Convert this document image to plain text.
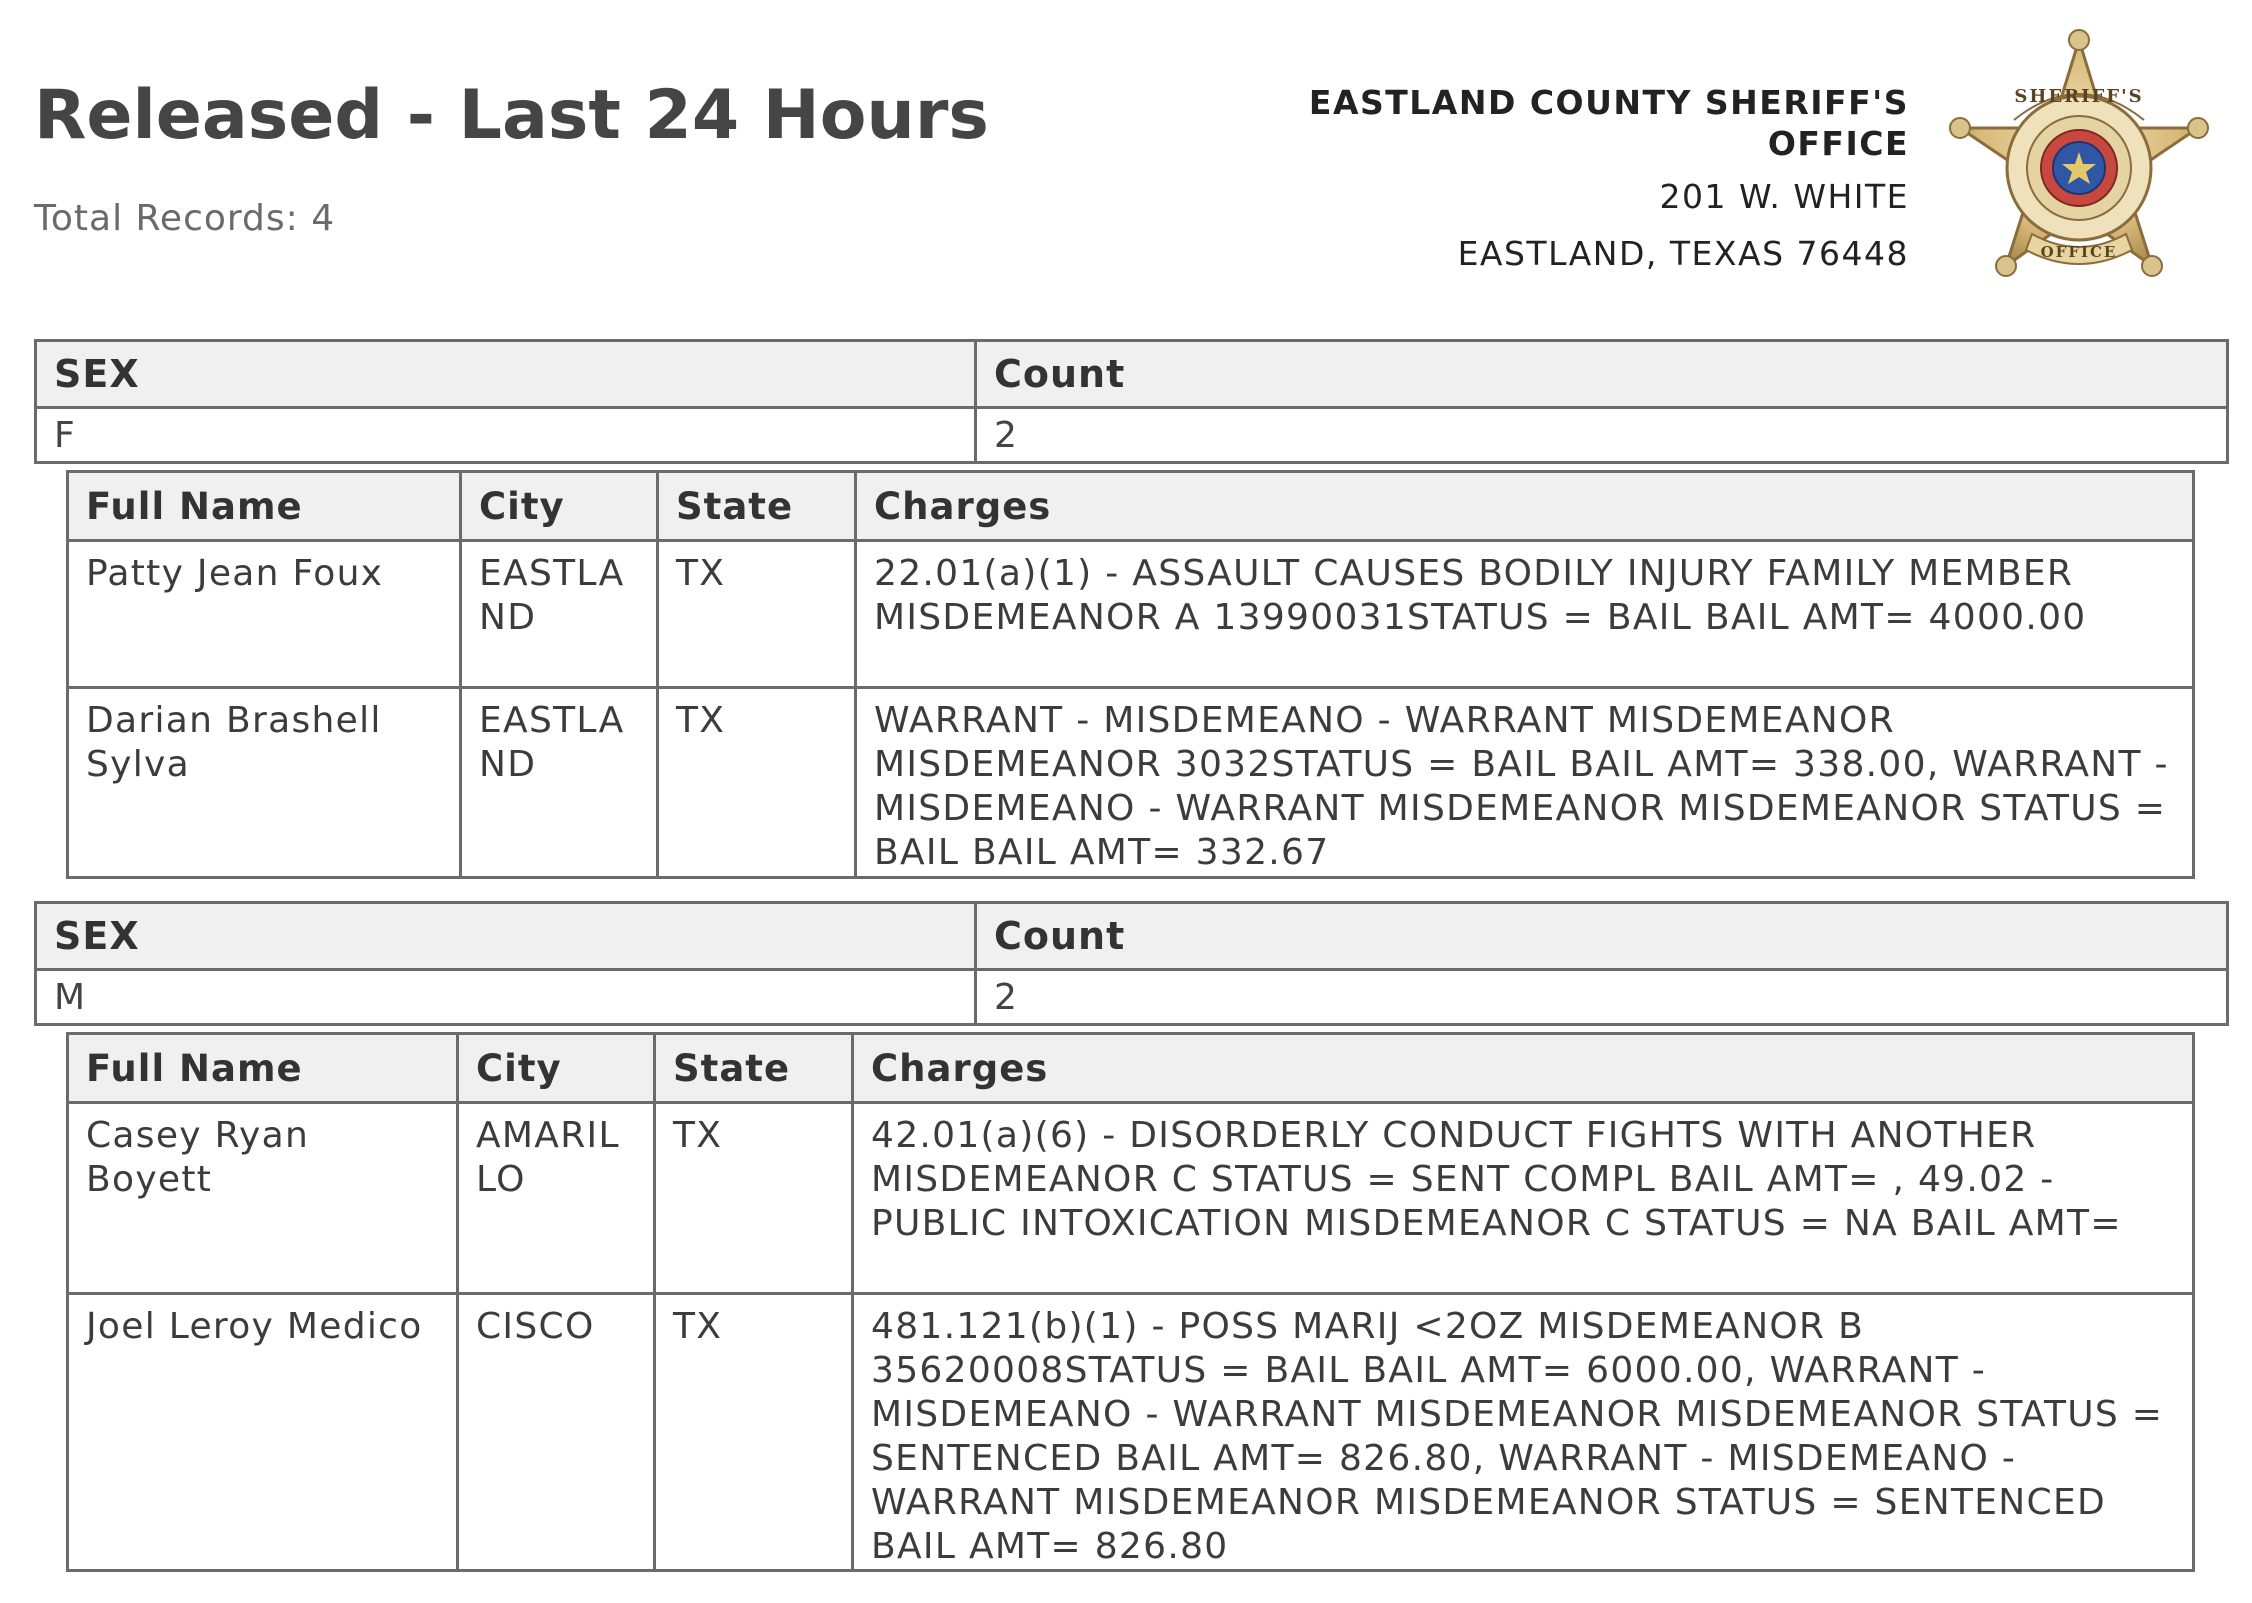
Released - Last 24 Hours
Total Records: 4
EASTLAND COUNTY SHERIFF'S OFFICE
201 W. WHITE
EASTLAND, TEXAS 76448
SHERIFF'S
OFFICE
SEX	Count
F	2
Full Name	City	State	Charges
Patty Jean Foux	EASTLAND	TX	22.01(a)(1) - ASSAULT CAUSES BODILY INJURY FAMILY MEMBER MISDEMEANOR A 13990031STATUS = BAIL BAIL AMT= 4000.00
Darian Brashell Sylva	EASTLAND	TX	WARRANT - MISDEMEANO - WARRANT MISDEMEANOR MISDEMEANOR 3032STATUS = BAIL BAIL AMT= 338.00, WARRANT - MISDEMEANO - WARRANT MISDEMEANOR MISDEMEANOR STATUS = BAIL BAIL AMT= 332.67
SEX	Count
M	2
Full Name	City	State	Charges
Casey Ryan Boyett	AMARILLO	TX	42.01(a)(6) - DISORDERLY CONDUCT FIGHTS WITH ANOTHER MISDEMEANOR C STATUS = SENT COMPL BAIL AMT= , 49.02 - PUBLIC INTOXICATION MISDEMEANOR C STATUS = NA BAIL AMT=
Joel Leroy Medico	CISCO	TX	481.121(b)(1) - POSS MARIJ <2OZ MISDEMEANOR B 35620008STATUS = BAIL BAIL AMT= 6000.00, WARRANT - MISDEMEANO - WARRANT MISDEMEANOR MISDEMEANOR STATUS = SENTENCED BAIL AMT= 826.80, WARRANT - MISDEMEANO - WARRANT MISDEMEANOR MISDEMEANOR STATUS = SENTENCED BAIL AMT= 826.80
